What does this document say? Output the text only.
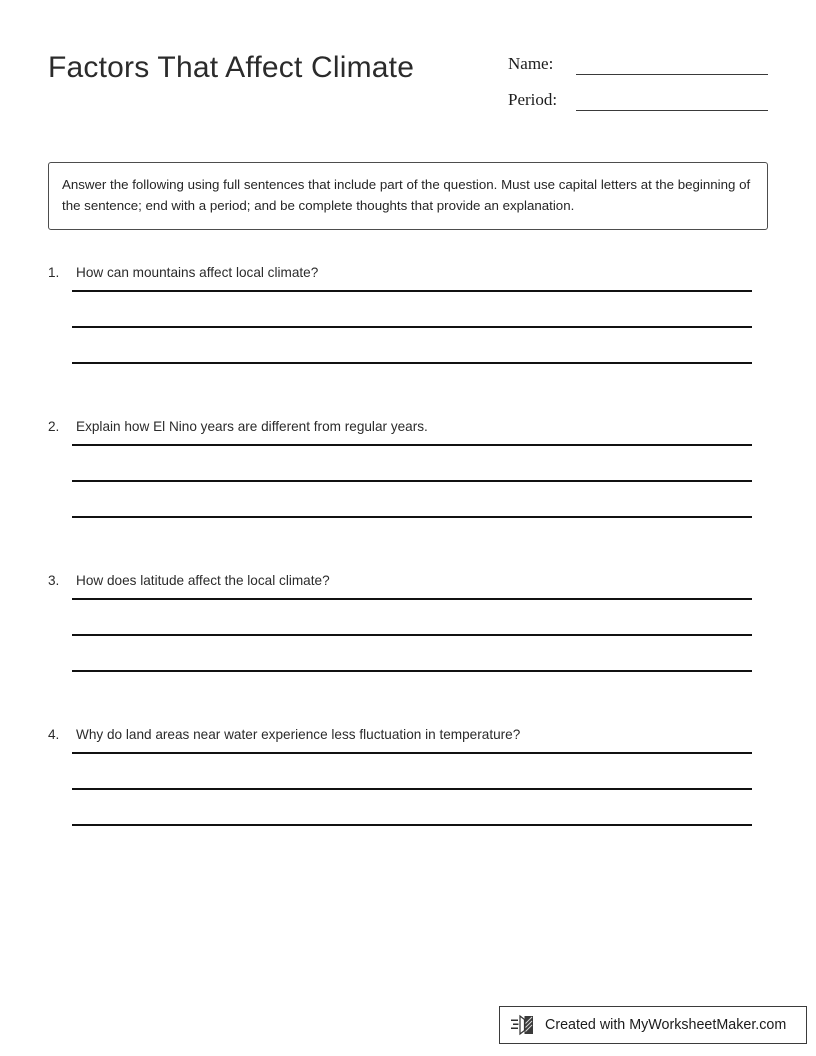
Factors That Affect Climate	Name:
Period:
Answer the following using full sentences that include part of the question. Must use capital letters at the beginning of the sentence; end with a period; and be complete thoughts that provide an explanation.
1. How can mountains affect local climate?
2. Explain how El Nino years are different from regular years.
3. How does latitude affect the local climate?
4. Why do land areas near water experience less fluctuation in temperature?
Created with MyWorksheetMaker.com
